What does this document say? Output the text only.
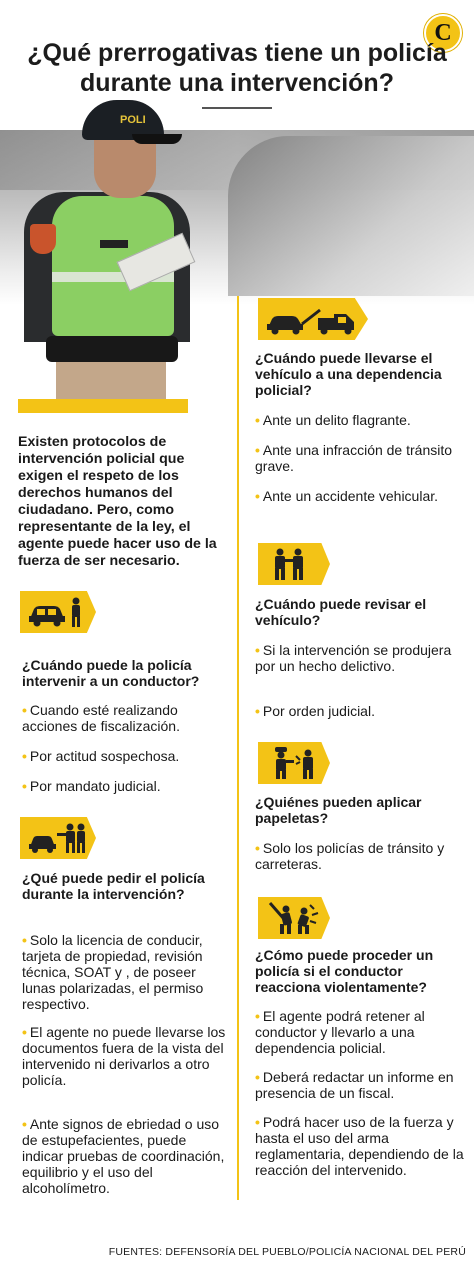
C
¿Qué prerrogativas tiene un policía durante una intervención?
POLI

Existen protocolos de intervención policial que exigen el respeto de los derechos humanos del ciudadano. Pero, como representante de la ley, el agente puede hacer uso de la fuerza de ser necesario.

¿Cuándo puede la policía intervenir a un conductor?

• Cuando esté realizando acciones de fiscalización.

• Por actitud sospechosa.

• Por mandato judicial.

¿Qué puede pedir el policía durante la intervención?

• Solo la licencia de conducir, tarjeta de propiedad, revisión técnica, SOAT y , de poseer lunas polarizadas, el permiso respectivo.

• El agente no puede llevarse los documentos fuera de la vista del intervenido ni derivarlos a otro policía.

• Ante signos de ebriedad o uso de estupefacientes, puede indicar pruebas de coordinación, equilibrio y el uso del alcoholímetro.

¿Cuándo puede llevarse el vehículo a una dependencia policial?

• Ante un delito flagrante.

• Ante una infracción de tránsito grave.

• Ante un accidente vehicular.

¿Cuándo puede revisar el vehículo?

• Si la intervención se produjera por un hecho delictivo.

• Por orden judicial.

¿Quiénes pueden aplicar papeletas?

• Solo los policías de tránsito y carreteras.

¿Cómo puede proceder un policía si el conductor reacciona violentamente?

• El agente podrá retener al conductor y llevarlo a una dependencia policial.

• Deberá redactar un informe en presencia de un fiscal.

• Podrá hacer uso de la fuerza y hasta el uso del arma reglamentaria, dependiendo de la reacción del intervenido.

FUENTES: DEFENSORÍA DEL PUEBLO/POLICÍA NACIONAL DEL PERÚ
